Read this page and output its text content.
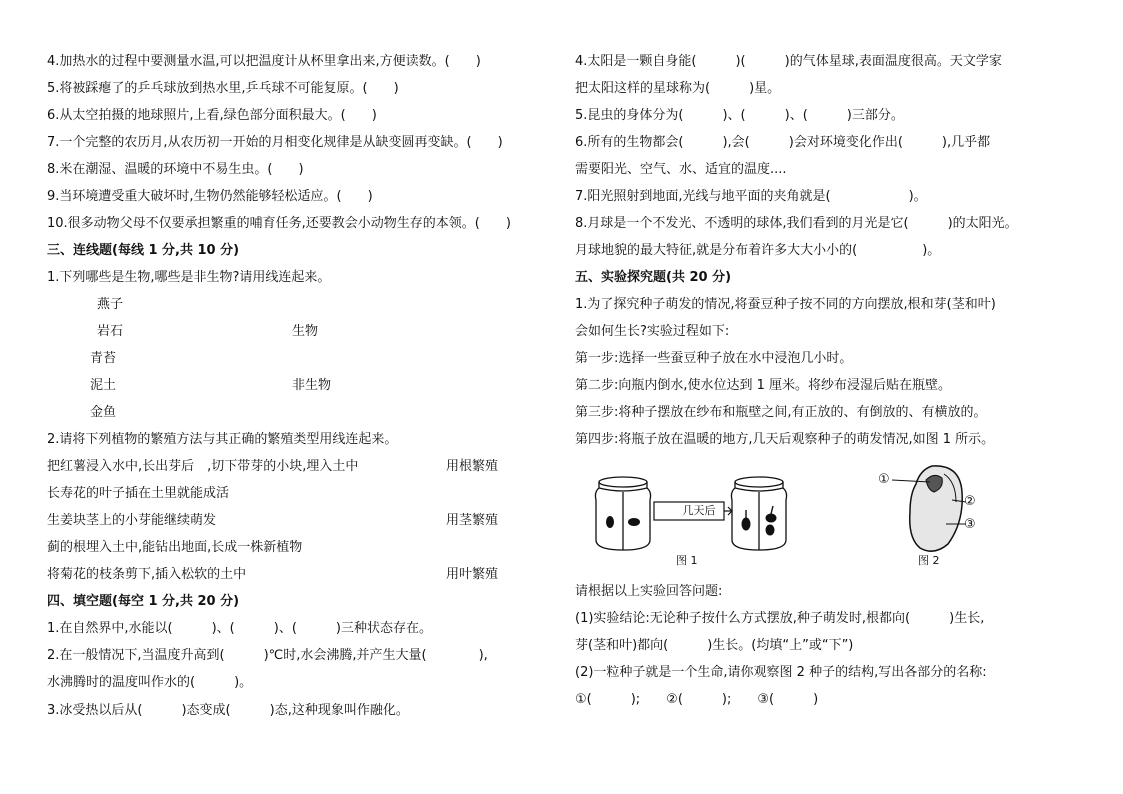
4.加热水的过程中要测量水温,可以把温度计从杯里拿出来,方便读数。(　　)
5.将被踩瘪了的乒乓球放到热水里,乒乓球不可能复原。(　　)
6.从太空拍摄的地球照片,上看,绿色部分面积最大。(　　)
7.一个完整的农历月,从农历初一开始的月相变化规律是从缺变圆再变缺。(　　)
8.米在潮湿、温暖的环境中不易生虫。(　　)
9.当环境遭受重大破坏时,生物仍然能够轻松适应。(　　)
10.很多动物父母不仅要承担繁重的哺育任务,还要教会小动物生存的本领。(　　)
三、连线题(每线 1 分,共 10 分)
1.下列哪些是生物,哪些是非生物?请用线连起来。
燕子
岩石
青苔
泥土
金鱼
生物
非生物
2.请将下列植物的繁殖方法与其正确的繁殖类型用线连起来。
把红薯浸入水中,长出芽后　,切下带芽的小块,埋入土中
长寿花的叶子插在土里就能成活
生姜块茎上的小芽能继续萌发
蓟的根埋入土中,能钻出地面,长成一株新植物
将菊花的枝条剪下,插入松软的土中
用根繁殖
用茎繁殖
用叶繁殖
四、填空题(每空 1 分,共 20 分)
1.在自然界中,水能以(　　　)、(　　　)、(　　　)三种状态存在。
2.在一般情况下,当温度升高到(　　　)℃时,水会沸腾,并产生大量(　　　　),
水沸腾时的温度叫作水的(　　　)。
3.冰受热以后从(　　　)态变成(　　　)态,这种现象叫作融化。
4.太阳是一颗自身能(　　　)(　　　)的气体星球,表面温度很高。天文学家
把太阳这样的星球称为(　　　)星。
5.昆虫的身体分为(　　　)、(　　　)、(　　　)三部分。
6.所有的生物都会(　　　),会(　　　)会对环境变化作出(　　　),几乎都
需要阳光、空气、水、适宜的温度....
7.阳光照射到地面,光线与地平面的夹角就是(　　　　　　)。
8.月球是一个不发光、不透明的球体,我们看到的月光是它(　　　)的太阳光。
月球地貌的最大特征,就是分布着许多大大小小的(　　　　　)。
五、实验探究题(共 20 分)
1.为了探究种子萌发的情况,将蚕豆种子按不同的方向摆放,根和芽(茎和叶)
会如何生长?实验过程如下:
第一步:选择一些蚕豆种子放在水中浸泡几小时。
第二步:向瓶内倒水,使水位达到 1 厘米。将纱布浸湿后贴在瓶壁。
第三步:将种子摆放在纱布和瓶壁之间,有正放的、有倒放的、有横放的。
第四步:将瓶子放在温暖的地方,几天后观察种子的萌发情况,如图 1 所示。
几天后
图 1
①
②
③
图 2
请根据以上实验回答问题:
(1)实验结论:无论种子按什么方式摆放,种子萌发时,根都向(　　　)生长,
芽(茎和叶)都向(　　　)生长。(均填“上”或“下”)
(2)一粒种子就是一个生命,请你观察图 2 种子的结构,写出各部分的名称:
①(　　　);　　②(　　　);　　③(　　　)
